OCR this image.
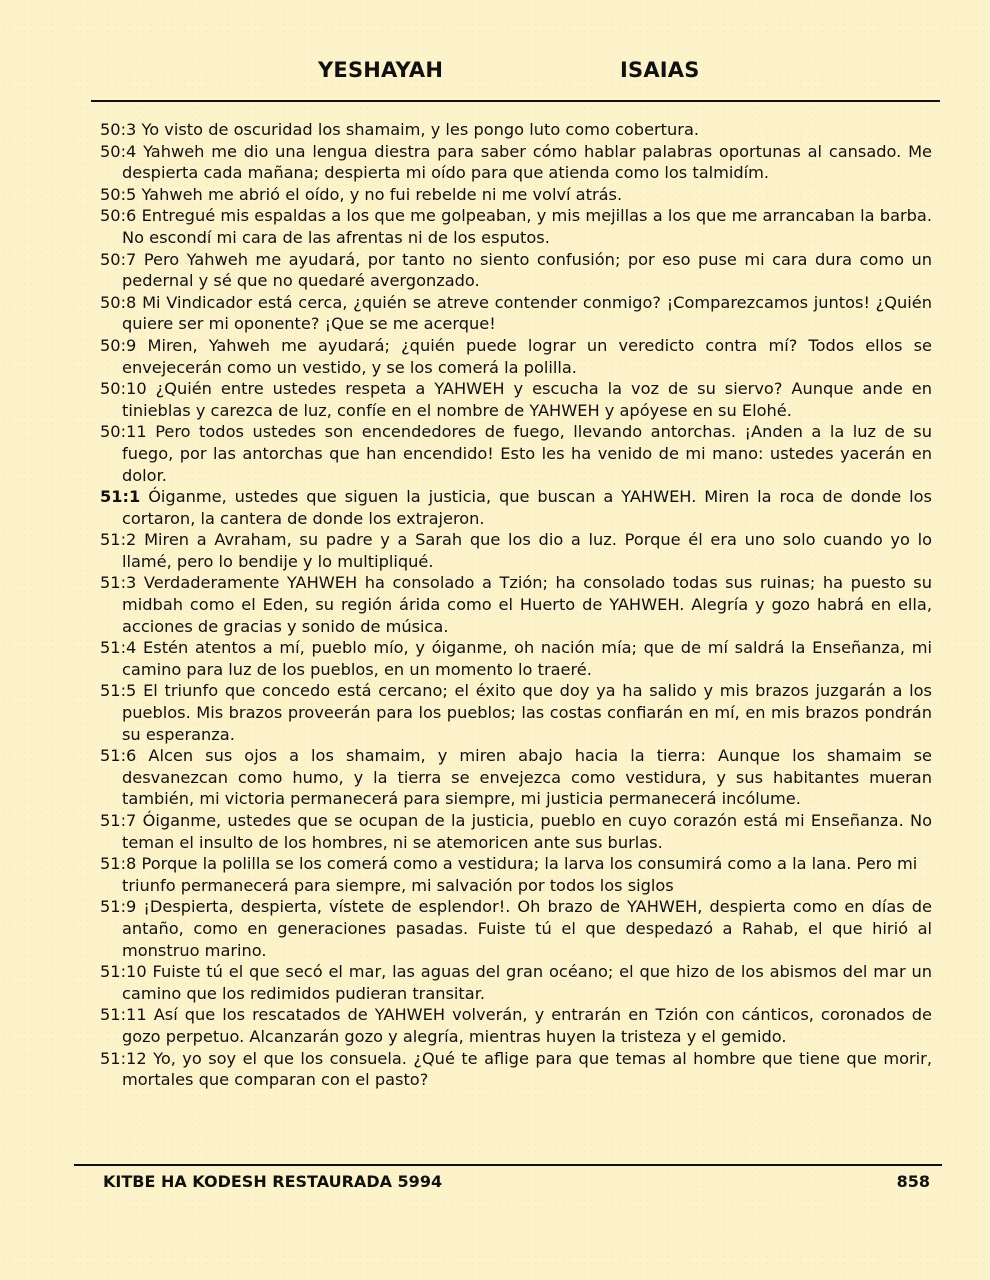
YESHAYAH	ISAIAS

50:3 Yo visto de oscuridad los shamaim, y les pongo luto como cobertura.

50:4 Yahweh me dio una lengua diestra para saber cómo hablar palabras oportunas al cansado. Me despierta cada mañana; despierta mi oído para que atienda como los talmidím.

50:5 Yahweh me abrió el oído, y no fui rebelde ni me volví atrás.

50:6 Entregué mis espaldas a los que me golpeaban, y mis mejillas a los que me arrancaban la barba. No escondí mi cara de las afrentas ni de los esputos.

50:7 Pero Yahweh me ayudará, por tanto no siento confusión; por eso puse mi cara dura como un pedernal y sé que no quedaré avergonzado.

50:8 Mi Vindicador está cerca, ¿quién se atreve contender conmigo? ¡Comparezcamos juntos! ¿Quién quiere ser mi oponente? ¡Que se me acerque!

50:9 Miren, Yahweh me ayudará; ¿quién puede lograr un veredicto contra mí? Todos ellos se envejecerán como un vestido, y se los comerá la polilla.

50:10 ¿Quién entre ustedes respeta a YAHWEH y escucha la voz de su siervo? Aunque ande en tinieblas y carezca de luz, confíe en el nombre de YAHWEH y apóyese en su Elohé.

50:11 Pero todos ustedes son encendedores de fuego, llevando antorchas. ¡Anden a la luz de su fuego, por las antorchas que han encendido! Esto les ha venido de mi mano: ustedes yacerán en dolor.

51:1 Óiganme, ustedes que siguen la justicia, que buscan a YAHWEH. Miren la roca de donde los cortaron, la cantera de donde los extrajeron.

51:2 Miren a Avraham, su padre y a Sarah que los dio a luz. Porque él era uno solo cuando yo lo llamé, pero lo bendije y lo multipliqué.

51:3 Verdaderamente YAHWEH ha consolado a Tzión; ha consolado todas sus ruinas; ha puesto su midbah como el Eden, su región árida como el Huerto de YAHWEH. Alegría y gozo habrá en ella, acciones de gracias y sonido de música.

51:4 Estén atentos a mí, pueblo mío, y óiganme, oh nación mía; que de mí saldrá la Enseñanza, mi camino para luz de los pueblos, en un momento lo traeré.

51:5 El triunfo que concedo está cercano; el éxito que doy ya ha salido y mis brazos juzgarán a los pueblos. Mis brazos proveerán para los pueblos; las costas confiarán en mí, en mis brazos pondrán su esperanza.

51:6 Alcen sus ojos a los shamaim, y miren abajo hacia la tierra: Aunque los shamaim se desvanezcan como humo, y la tierra se envejezca como vestidura, y sus habitantes mueran también, mi victoria permanecerá para siempre, mi justicia permanecerá incólume.

51:7 Óiganme, ustedes que se ocupan de la justicia, pueblo en cuyo corazón está mi Enseñanza. No teman el insulto de los hombres, ni se atemoricen ante sus burlas.

51:8 Porque la polilla se los comerá como a vestidura; la larva los consumirá como a la lana. Pero mi triunfo permanecerá para siempre, mi salvación por todos los siglos

51:9 ¡Despierta, despierta, vístete de esplendor!. Oh brazo de YAHWEH, despierta como en días de antaño, como en generaciones pasadas. Fuiste tú el que despedazó a Rahab, el que hirió al monstruo marino.

51:10 Fuiste tú el que secó el mar, las aguas del gran océano; el que hizo de los abismos del mar un camino que los redimidos pudieran transitar.

51:11 Así que los rescatados de YAHWEH volverán, y entrarán en Tzión con cánticos, coronados de gozo perpetuo. Alcanzarán gozo y alegría, mientras huyen la tristeza y el gemido.

51:12 Yo, yo soy el que los consuela. ¿Qué te aflige para que temas al hombre que tiene que morir, mortales que comparan con el pasto?

KITBE HA KODESH RESTAURADA 5994	858
